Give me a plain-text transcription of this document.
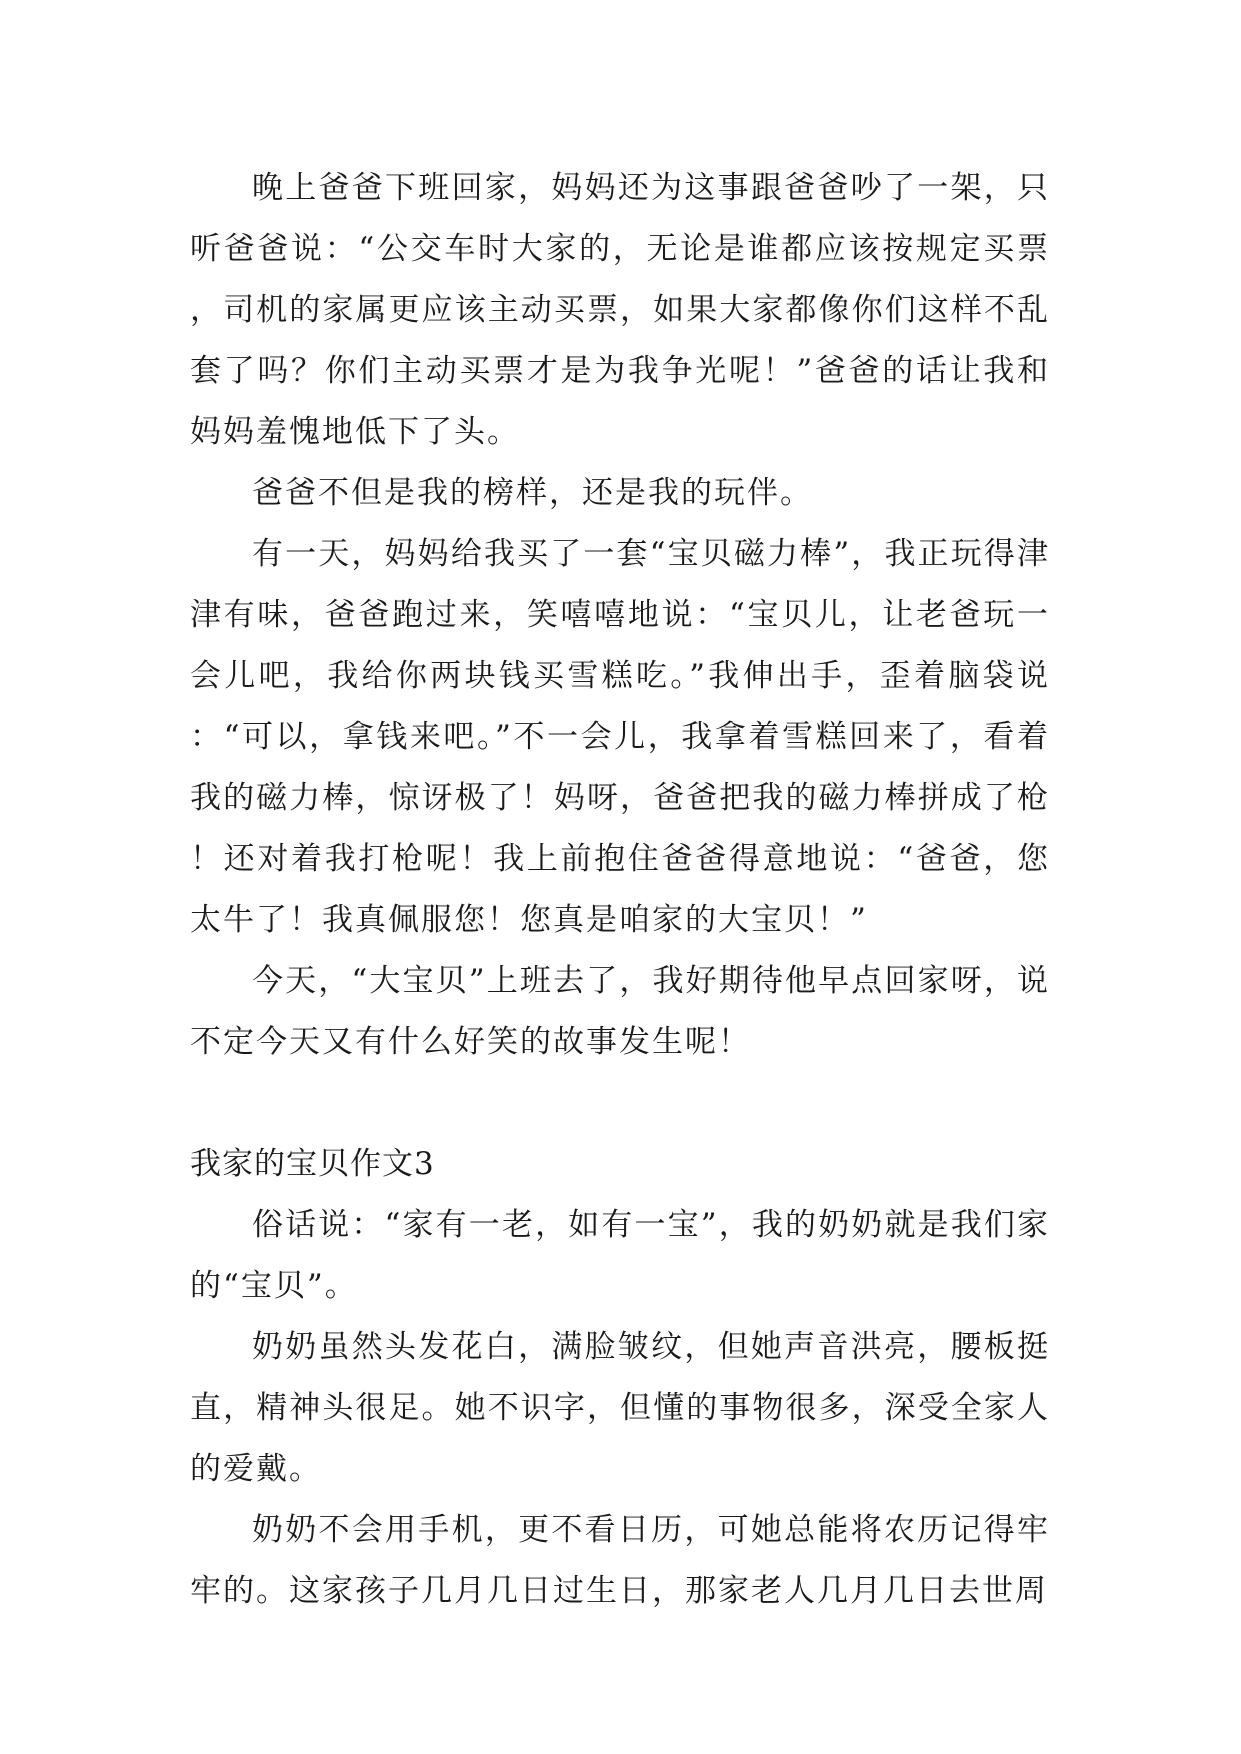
晚上爸爸下班回家，妈妈还为这事跟爸爸吵了一架，只听爸爸说：“公交车时大家的，无论是谁都应该按规定买票，司机的家属更应该主动买票，如果大家都像你们这样不乱套了吗？你们主动买票才是为我争光呢！”爸爸的话让我和妈妈羞愧地低下了头。

爸爸不但是我的榜样，还是我的玩伴。

有一天，妈妈给我买了一套“宝贝磁力棒”，我正玩得津津有味，爸爸跑过来，笑嘻嘻地说：“宝贝儿，让老爸玩一会儿吧，我给你两块钱买雪糕吃。”我伸出手，歪着脑袋说：“可以，拿钱来吧。”不一会儿，我拿着雪糕回来了，看着我的磁力棒，惊讶极了！妈呀，爸爸把我的磁力棒拼成了枪！还对着我打枪呢！我上前抱住爸爸得意地说：“爸爸，您太牛了！我真佩服您！您真是咱家的大宝贝！”

今天，“大宝贝”上班去了，我好期待他早点回家呀，说不定今天又有什么好笑的故事发生呢！

我家的宝贝作文3

俗话说：“家有一老，如有一宝”，我的奶奶就是我们家的“宝贝”。

奶奶虽然头发花白，满脸皱纹，但她声音洪亮，腰板挺直，精神头很足。她不识字，但懂的事物很多，深受全家人的爱戴。

奶奶不会用手机，更不看日历，可她总能将农历记得牢牢的。这家孩子几月几日过生日，那家老人几月几日去世周
